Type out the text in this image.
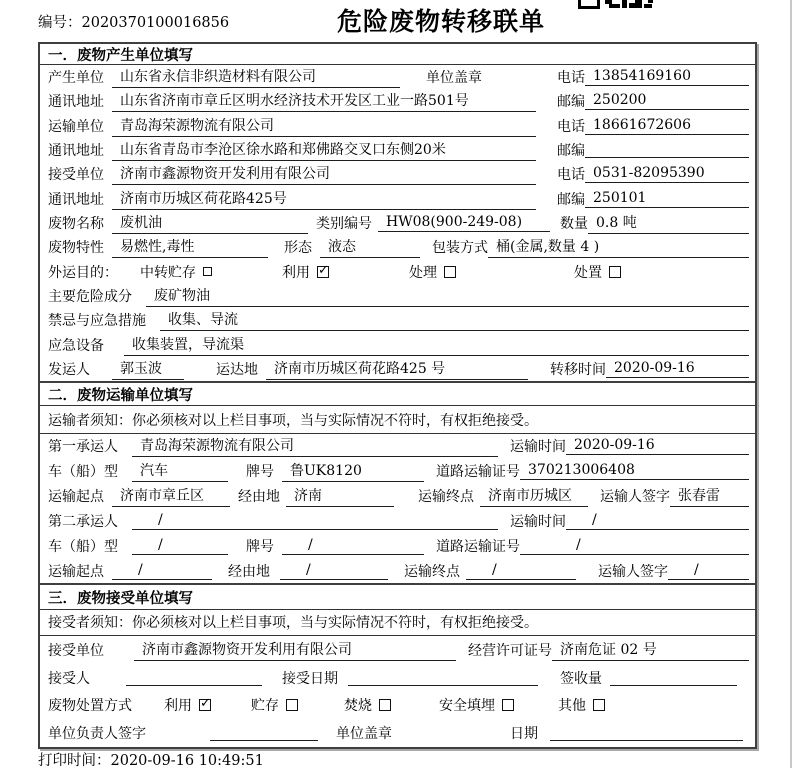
编号：2020370100016856	危险废物转移联单
一．废物产生单位填写
产生单位	山东省永信非织造材料有限公司	单位盖章	电话 13854169160
通讯地址	山东省济南市章丘区明水经济技术开发区工业一路501号	邮编 250200
运输单位	青岛海荣源物流有限公司	电话 18661672606
通讯地址	山东省青岛市李沧区徐水路和郑佛路交叉口东侧20米	邮编
接受单位	济南市鑫源物资开发利用有限公司	电话 0531-82095390
通讯地址	济南市历城区荷花路425号	邮编 250101
废物名称	废机油	类别编号	HW08(900-249-08)	数量 0.8 吨
废物特性	易燃性,毒性	形态	液态	包装方式 桶(金属,数量 4 )
外运目的：	中转贮存	利用 ✓	处理	处置
主要危险成分	废矿物油
禁忌与应急措施	收集、导流
应急设备	收集装置，导流渠
发运人	郭玉波	运达地	济南市历城区荷花路425 号	转移时间 2020-09-16
二．废物运输单位填写
运输者须知：你必须核对以上栏目事项，当与实际情况不符时，有权拒绝接受。
第一承运人	青岛海荣源物流有限公司	运输时间 2020-09-16
车（船）型	汽车	牌号	鲁UK8120	道路运输证号 370213006408
运输起点	济南市章丘区	经由地	济南	运输终点	济南市历城区	运输人签字 张春雷
第二承运人	/	运输时间	/
车（船）型	/	牌号	/	道路运输证号	/
运输起点	/	经由地	/	运输终点	/	运输人签字	/
三．废物接受单位填写
接受者须知：你必须核对以上栏目事项，当与实际情况不符时，有权拒绝接受。
接受单位	济南市鑫源物资开发利用有限公司	经营许可证号 济南危证 02 号
接受人	接受日期	签收量
废物处置方式	利用 ✓	贮存	焚烧	安全填埋	其他
单位负责人签字	单位盖章	日期
打印时间：2020-09-16 10:49:51
